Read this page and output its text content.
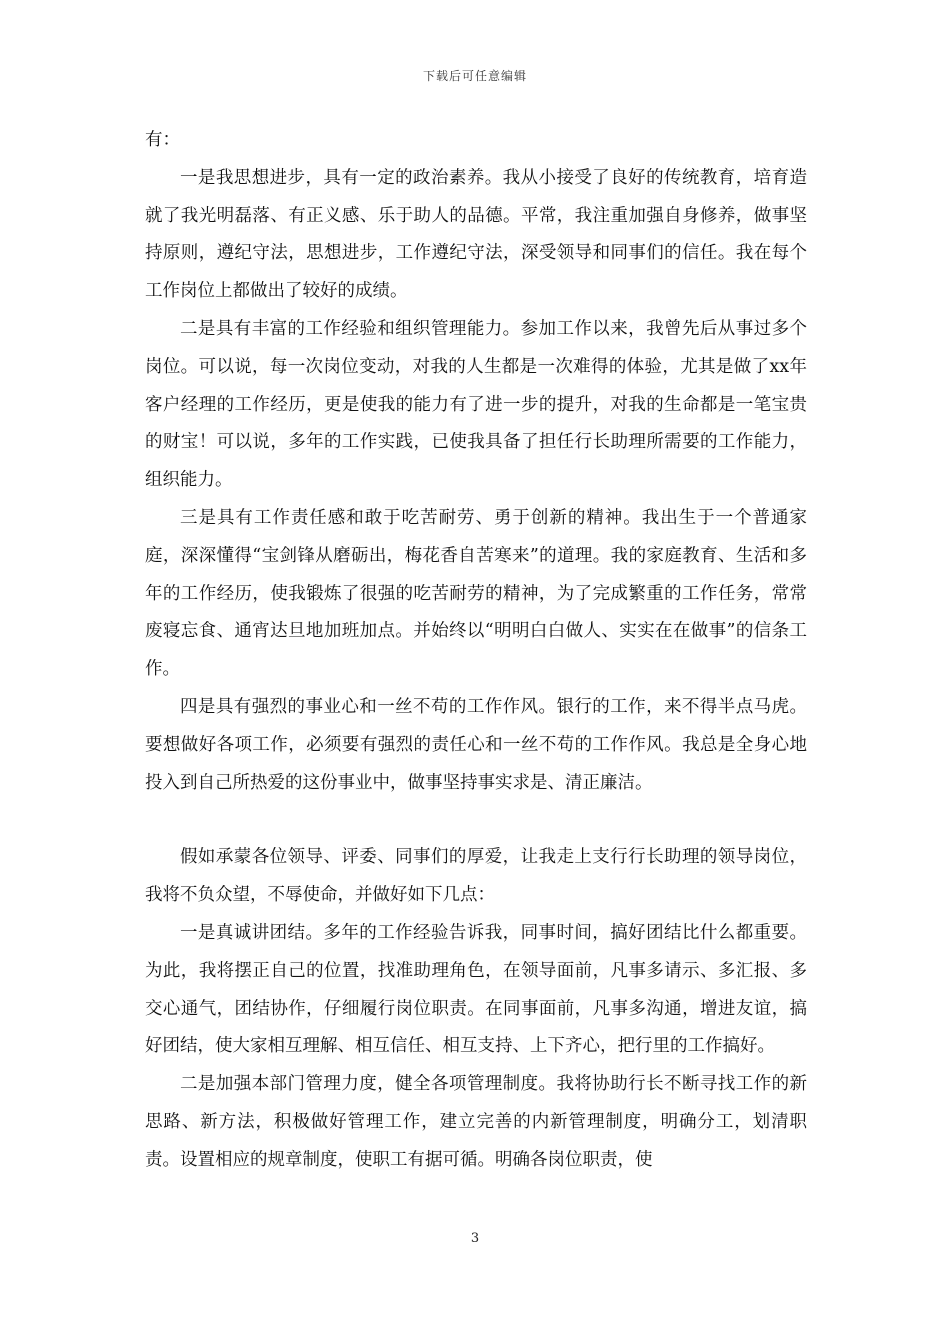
下载后可任意编辑

有：

一是我思想进步，具有一定的政治素养。我从小接受了良好的传统教育，培育造就了我光明磊落、有正义感、乐于助人的品德。平常，我注重加强自身修养，做事坚持原则，遵纪守法，思想进步，工作遵纪守法，深受领导和同事们的信任。我在每个工作岗位上都做出了较好的成绩。

二是具有丰富的工作经验和组织管理能力。参加工作以来，我曾先后从事过多个岗位。可以说，每一次岗位变动，对我的人生都是一次难得的体验，尤其是做了xx年客户经理的工作经历，更是使我的能力有了进一步的提升，对我的生命都是一笔宝贵的财宝！可以说，多年的工作实践，已使我具备了担任行长助理所需要的工作能力，组织能力。

三是具有工作责任感和敢于吃苦耐劳、勇于创新的精神。我出生于一个普通家庭，深深懂得“宝剑锋从磨砺出，梅花香自苦寒来”的道理。我的家庭教育、生活和多年的工作经历，使我锻炼了很强的吃苦耐劳的精神，为了完成繁重的工作任务，常常废寝忘食、通宵达旦地加班加点。并始终以“明明白白做人、实实在在做事”的信条工作。

四是具有强烈的事业心和一丝不苟的工作作风。银行的工作，来不得半点马虎。要想做好各项工作，必须要有强烈的责任心和一丝不苟的工作作风。我总是全身心地投入到自己所热爱的这份事业中，做事坚持事实求是、清正廉洁。

假如承蒙各位领导、评委、同事们的厚爱，让我走上支行行长助理的领导岗位，我将不负众望，不辱使命，并做好如下几点：

一是真诚讲团结。多年的工作经验告诉我，同事时间，搞好团结比什么都重要。为此，我将摆正自己的位置，找准助理角色，在领导面前，凡事多请示、多汇报、多交心通气，团结协作，仔细履行岗位职责。在同事面前，凡事多沟通，增进友谊，搞好团结，使大家相互理解、相互信任、相互支持、上下齐心，把行里的工作搞好。

二是加强本部门管理力度，健全各项管理制度。我将协助行长不断寻找工作的新思路、新方法，积极做好管理工作，建立完善的内新管理制度，明确分工，划清职责。设置相应的规章制度，使职工有据可循。明确各岗位职责，使

3
